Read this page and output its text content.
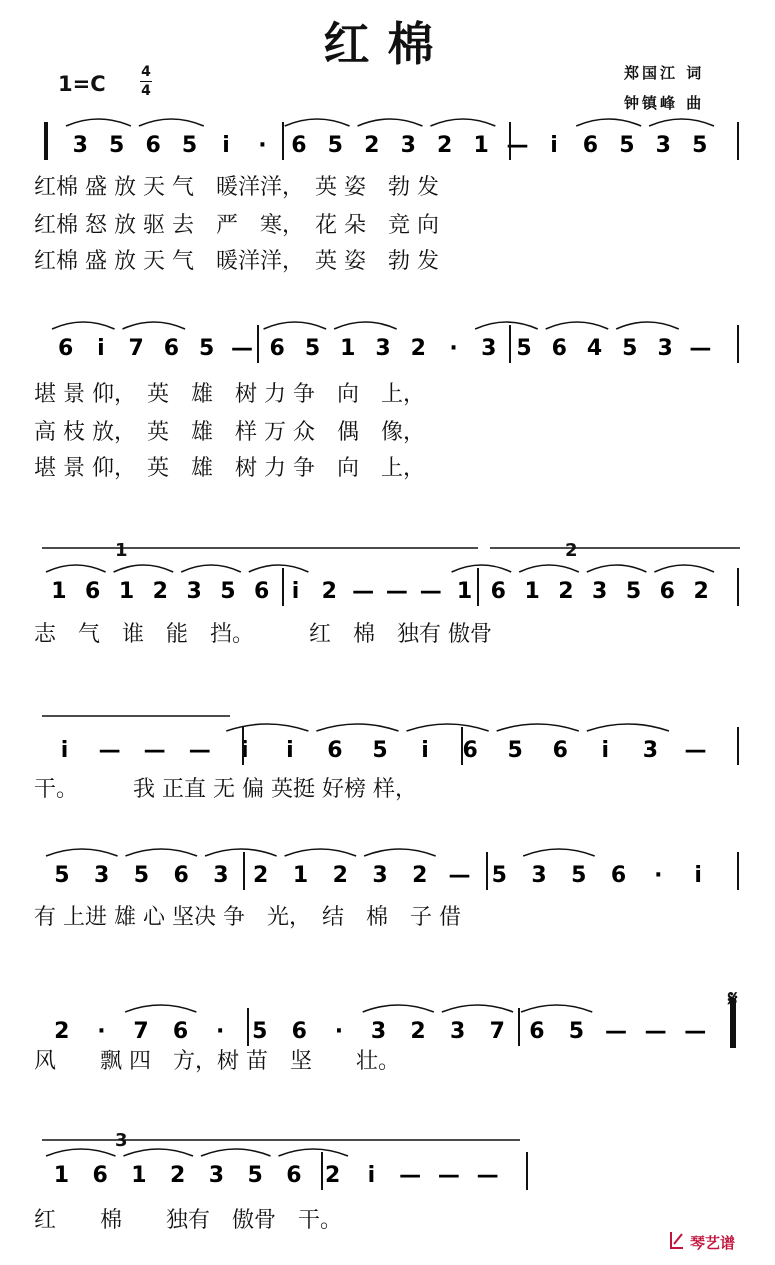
红棉
1=C	4
4
郑国江 词
钟镇峰 曲
3 5 6 5 i · 6 5 2 3 2 1 — i 6 5 3 5
6 i 7 6 5 — 6 5 1 3 2 · 3 5 6 4 5 3 —
1 6 1 2 3 5 6 i 2 — — — 1 6 1 2 3 5 6 2
1	2
i — — — i i 6 5 i 6 5 6 i 3 —
5 3 5 6 3 2 1 2 3 2 — 5 3 5 6 · i
2 · 7 6 · 5 6 · 3 2 3 7 6 5 — — —
𝄋
1 6 1 2 3 5 6 2 i — — —
3
红棉 盛 放 天 气　暖洋洋，　英 姿　勃 发
红棉 怒 放 驱 去　严　寒，　花 朵　竞 向
红棉 盛 放 天 气　暖洋洋，　英 姿　勃 发
堪 景 仰，　英　雄　树 力 争　向　上，
高 枝 放，　英　雄　样 万 众　偶　像，
堪 景 仰，　英　雄　树 力 争　向　上，
志　气　谁　能　挡。　　　红　棉　独有 傲骨
干。　　　我 正直 无 偏 英挺 好榜 样，
有 上进 雄 心 坚决 争　光，　结　棉　子 借
风　　飘 四　方，树 苗　坚　　壮。
红　　棉　　独有　傲骨　干。
琴艺谱
